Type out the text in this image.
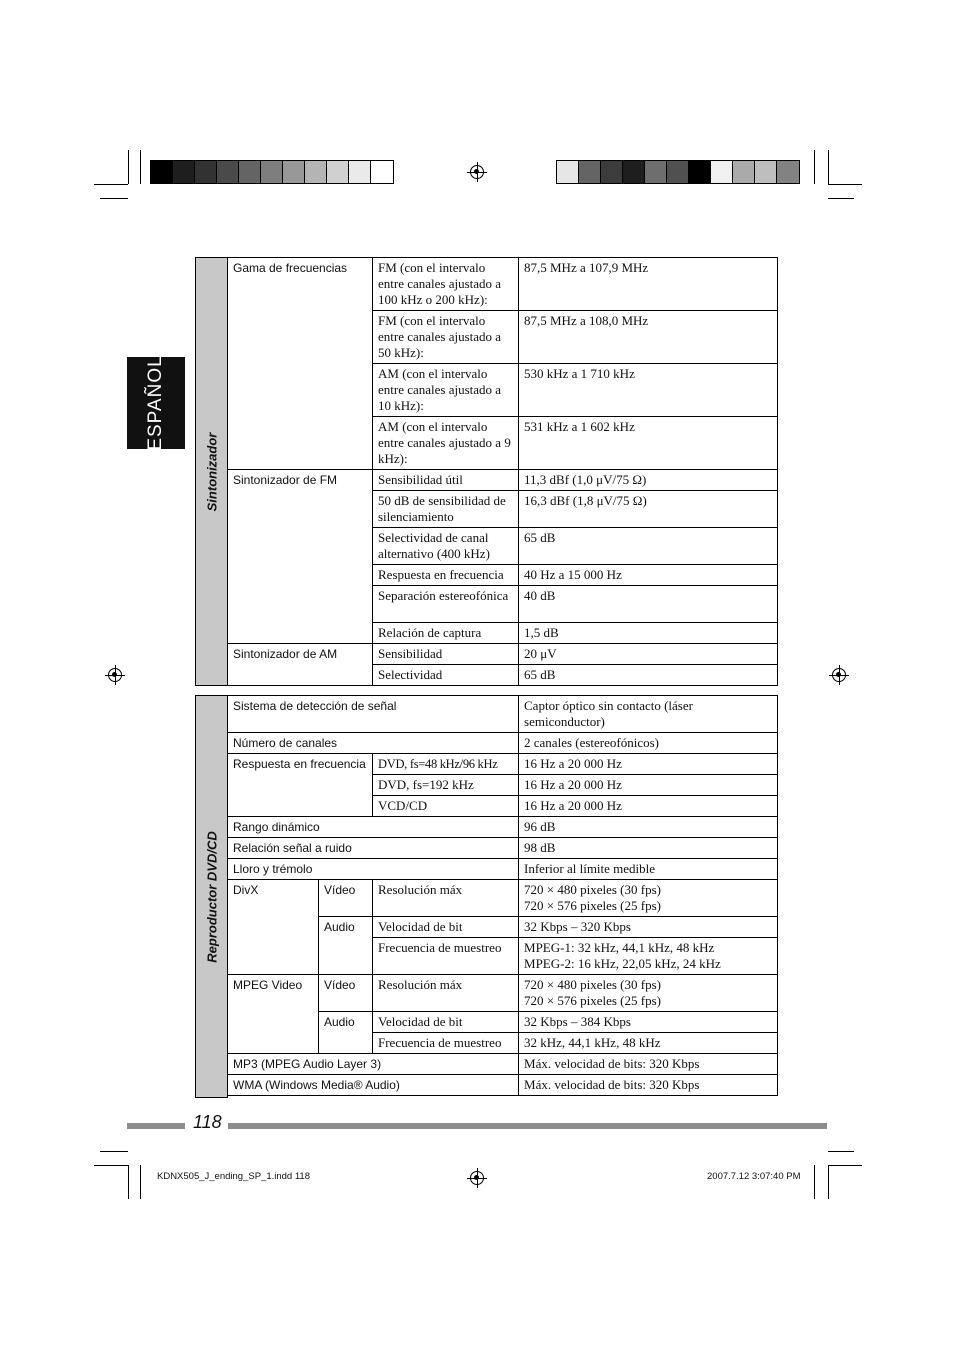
ESPAÑOL
Sintonizador
Gama de frecuencias	FM (con el intervalo entre canales ajustado a 100 kHz o 200 kHz):	87,5 MHz a 107,9 MHz
	FM (con el intervalo entre canales ajustado a 50 kHz):	87,5 MHz a 108,0 MHz
	AM (con el intervalo entre canales ajustado a 10 kHz):	530 kHz a 1 710 kHz
	AM (con el intervalo entre canales ajustado a 9 kHz):	531 kHz a 1 602 kHz
Sintonizador de FM	Sensibilidad útil	11,3 dBf (1,0 μV/75 Ω)
	50 dB de sensibilidad de silenciamiento	16,3 dBf (1,8 μV/75 Ω)
	Selectividad de canal alternativo (400 kHz)	65 dB
	Respuesta en frecuencia	40 Hz a 15 000 Hz
	Separación estereofónica	40 dB
	Relación de captura	1,5 dB
Sintonizador de AM	Sensibilidad	20 μV
	Selectividad	65 dB
Reproductor DVD/CD
Sistema de detección de señal			Captor óptico sin contacto (láser semiconductor)
Número de canales			2 canales (estereofónicos)
Respuesta en frecuencia		DVD, fs=48 kHz/96 kHz	16 Hz a 20 000 Hz
		DVD, fs=192 kHz	16 Hz a 20 000 Hz
		VCD/CD	16 Hz a 20 000 Hz
Rango dinámico			96 dB
Relación señal a ruido			98 dB
Lloro y trémolo			Inferior al límite medible
DivX	Vídeo	Resolución máx	720 × 480 pixeles (30 fps)
720 × 576 pixeles (25 fps)

	Audio	Velocidad de bit	32 Kbps – 320 Kbps
		Frecuencia de muestreo	MPEG-1: 32 kHz, 44,1 kHz, 48 kHz
MPEG-2: 16 kHz, 22,05 kHz, 24 kHz

MPEG Video	Vídeo	Resolución máx	720 × 480 pixeles (30 fps)
720 × 576 pixeles (25 fps)

	Audio	Velocidad de bit	32 Kbps – 384 Kbps
		Frecuencia de muestreo	32 kHz, 44,1 kHz, 48 kHz
MP3 (MPEG Audio Layer 3)			Máx. velocidad de bits: 320 Kbps
WMA (Windows Media® Audio)			Máx. velocidad de bits: 320 Kbps
118
KDNX505_J_ending_SP_1.indd 118	2007.7.12 3:07:40 PM
